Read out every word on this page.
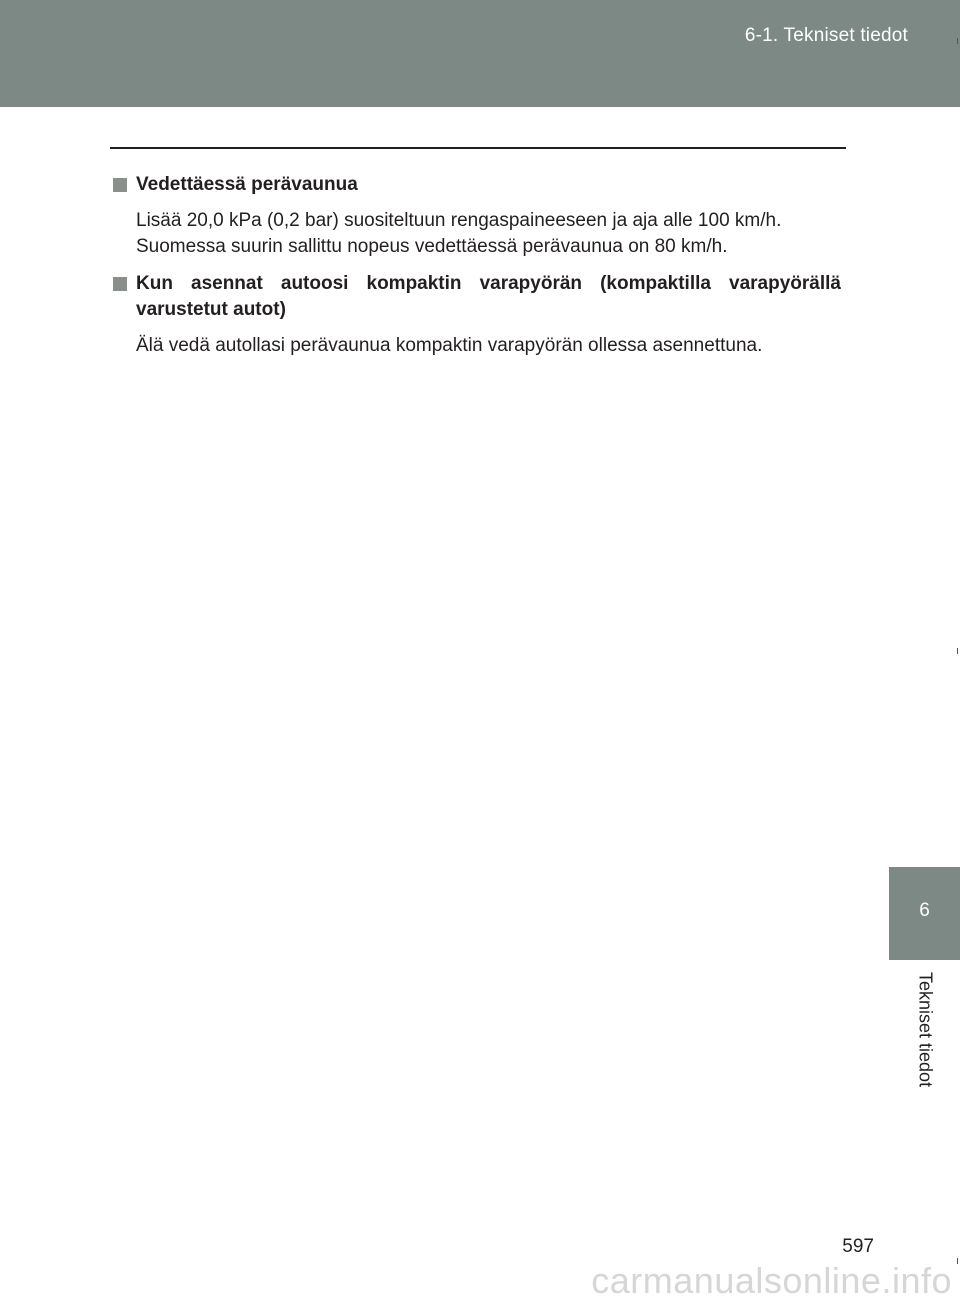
6-1. Tekniset tiedot
Vedettäessä perävaunua
Lisää 20,0 kPa (0,2 bar) suositeltuun rengaspaineeseen ja aja alle 100 km/h. Suomessa suurin sallittu nopeus vedettäessä perävaunua on 80 km/h.
Kun asennat autoosi kompaktin varapyörän (kompaktilla varapyörällä varustetut autot)
Älä vedä autollasi perävaunua kompaktin varapyörän ollessa asennettuna.
6
Tekniset tiedot
597
carmanualsonline.info
